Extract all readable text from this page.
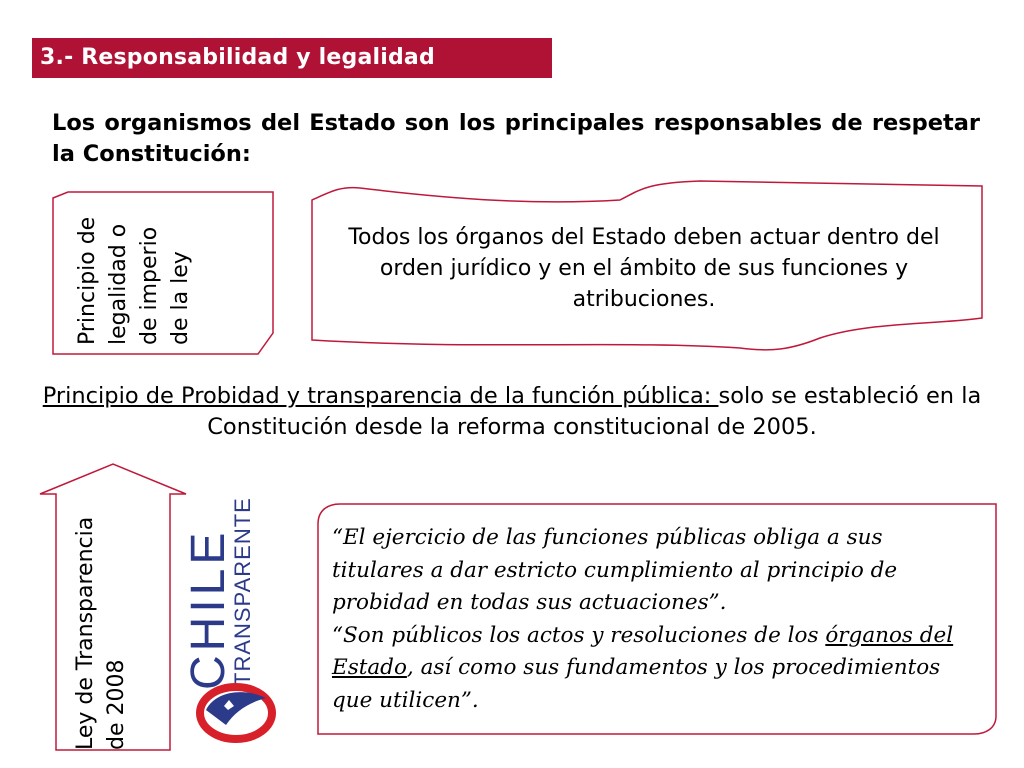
3.- Responsabilidad y legalidad
Los organismos del Estado son los principales responsables de respetar la Constitución:
Principio de legalidad o de imperio de la ley
Todos los órganos del Estado deben actuar dentro del orden jurídico y en el ámbito de sus funciones y atribuciones.
Principio de Probidad y transparencia de la función pública: solo se estableció en la Constitución desde la reforma constitucional de 2005.
Ley de Transparencia de 2008
CHILE
TRANSPARENTE	“El ejercicio de las funciones públicas obliga a sus titulares a dar estricto cumplimiento al principio de probidad en todas sus actuaciones”.
“Son públicos los actos y resoluciones de los órganos del Estado, así como sus fundamentos y los procedimientos que utilicen”.
